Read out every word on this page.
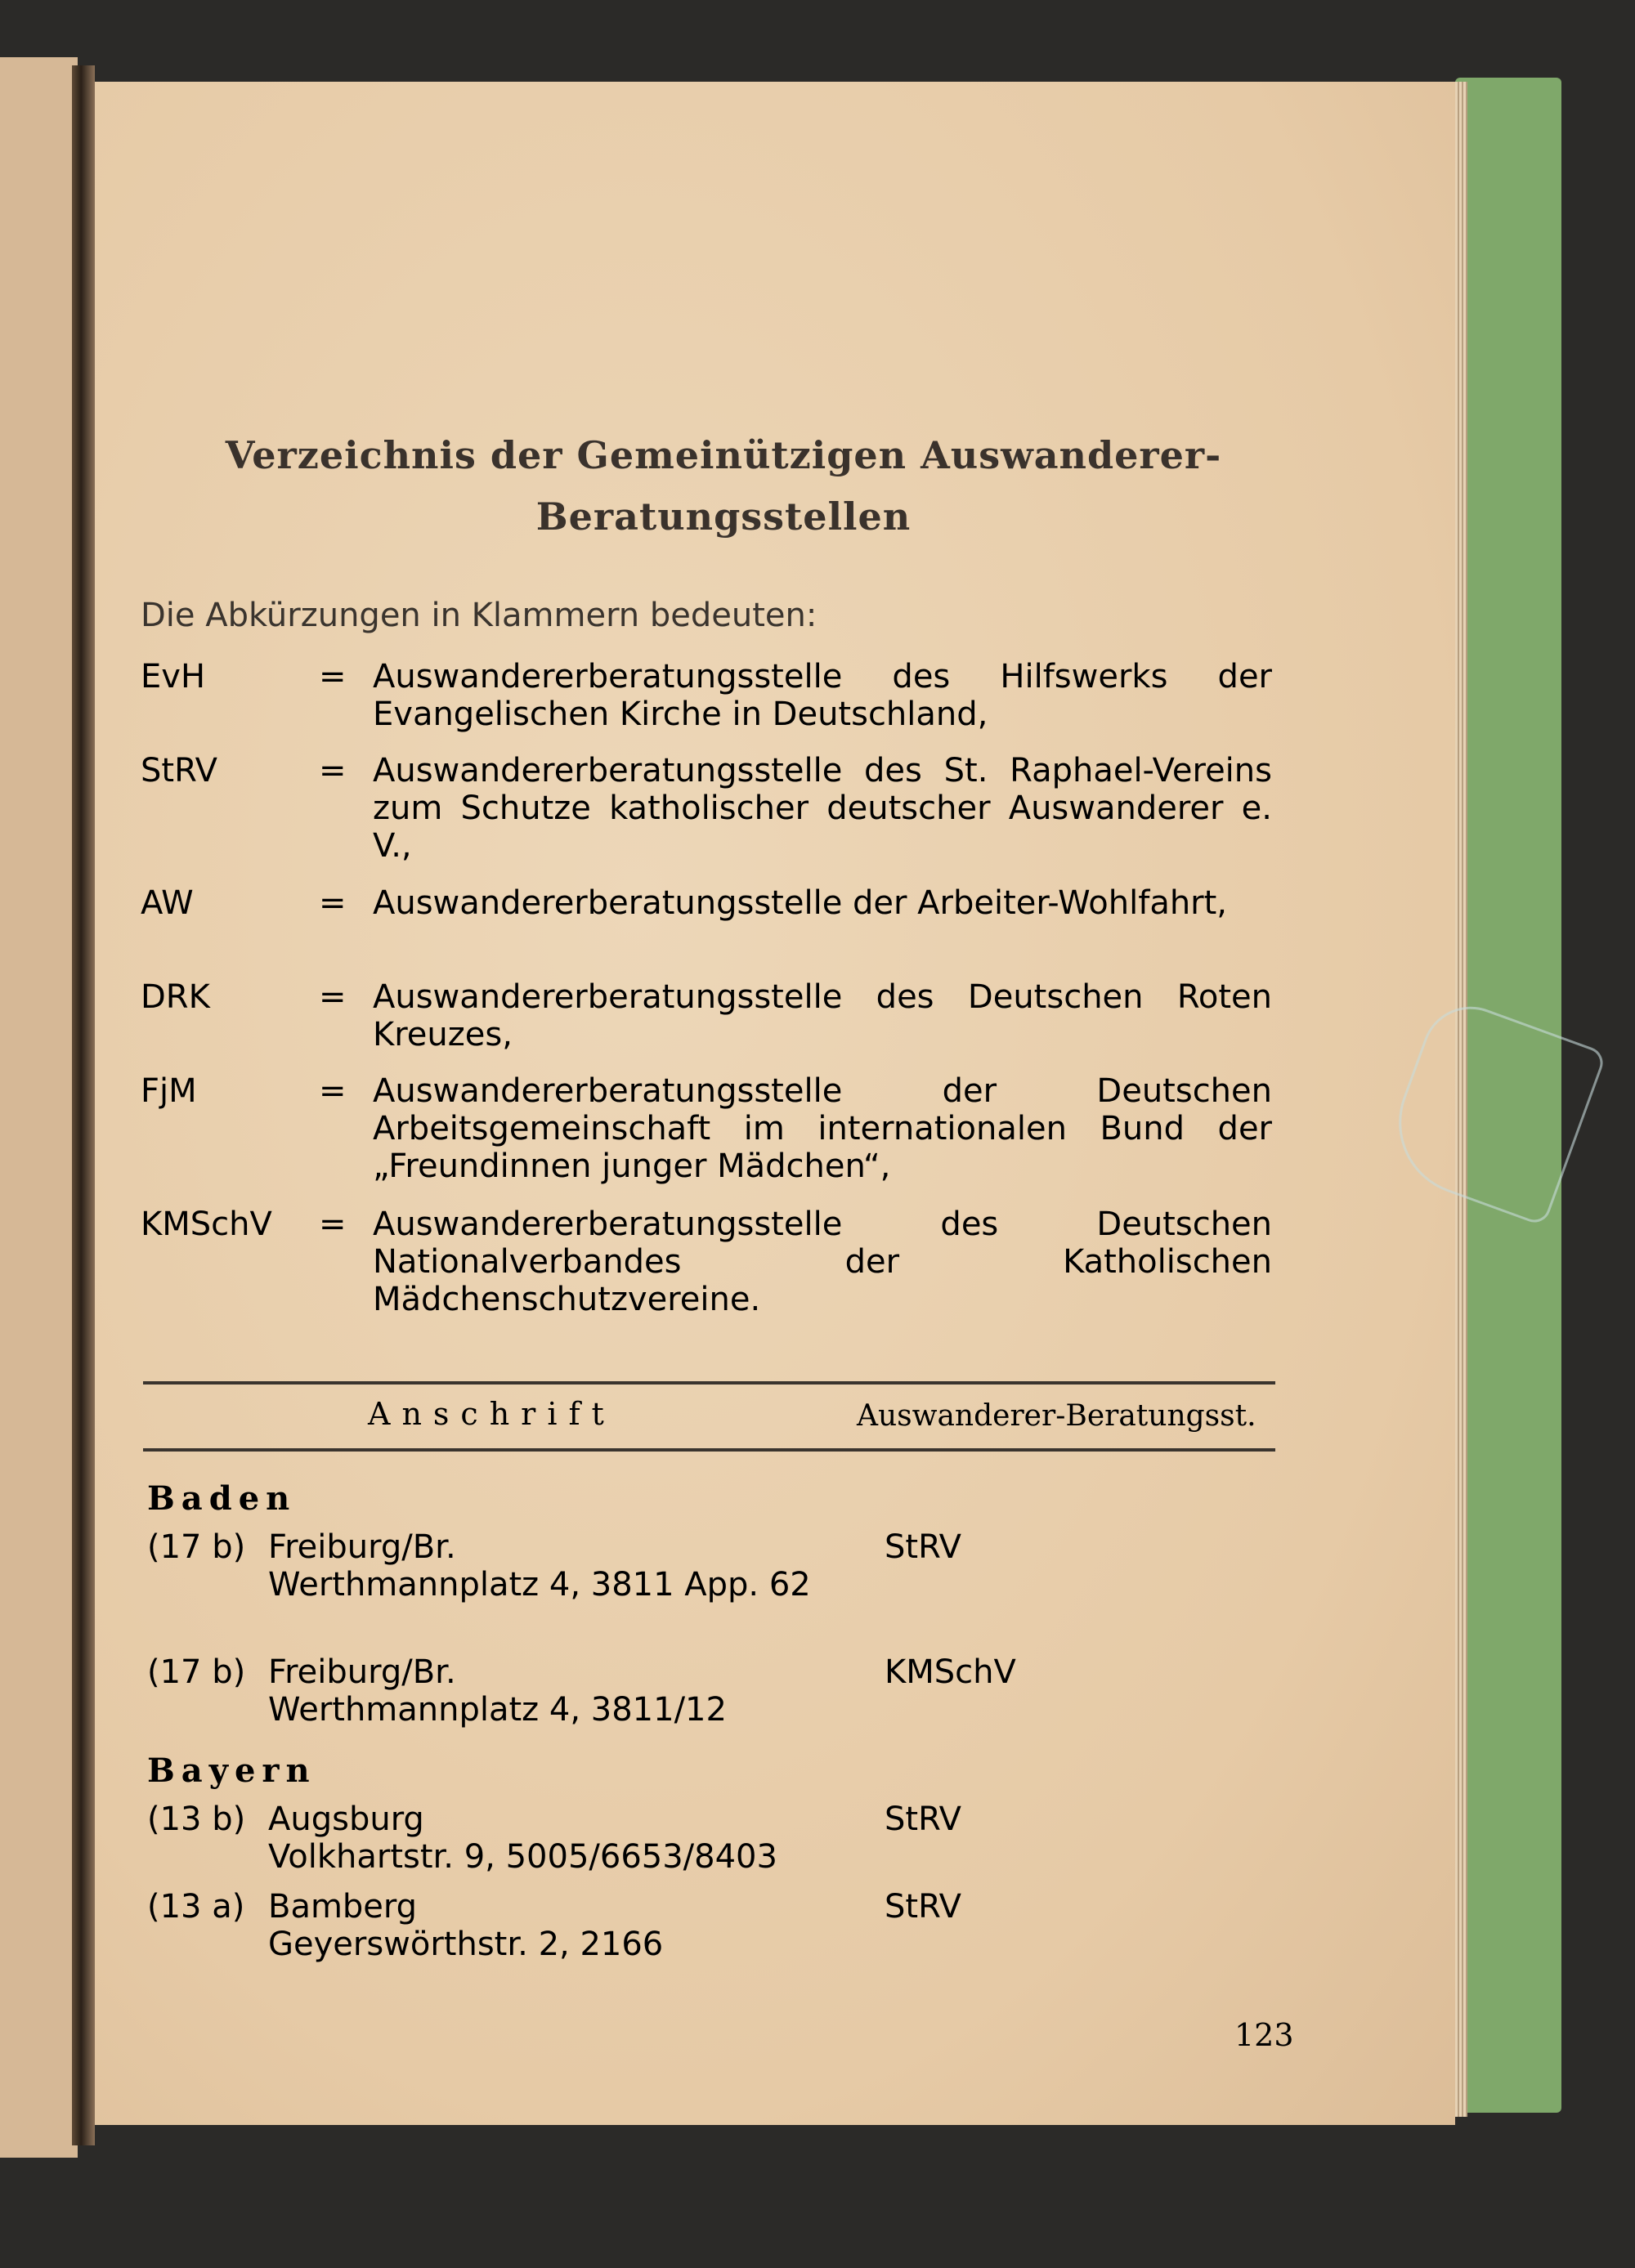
Verzeichnis der Gemeinützigen Auswanderer-
Beratungsstellen
Die Abkürzungen in Klammern bedeuten:
EvH	= Auswandererberatungsstelle des Hilfswerks der Evangelischen Kirche in Deutschland,
StRV	= Auswandererberatungsstelle des St. Raphael-Vereins zum Schutze katholischer deutscher Auswanderer e. V.,
AW	= Auswandererberatungsstelle der Arbeiter-Wohlfahrt,
DRK	= Auswandererberatungsstelle des Deutschen Roten Kreuzes,
FjM	= Auswandererberatungsstelle der Deutschen Arbeitsgemeinschaft im internationalen Bund der „Freundinnen junger Mädchen“,
KMSchV = Auswandererberatungsstelle des Deutschen Nationalverbandes der Katholischen Mädchenschutzvereine.
Anschrift	Auswanderer-Beratungsst.
Baden
(17 b) Freiburg/Br.
Werthmannplatz 4, 3811 App. 62
StRV
(17 b) Freiburg/Br.
Werthmannplatz 4, 3811/12
KMSchV
Bayern
(13 b) Augsburg
Volkhartstr. 9, 5005/6653/8403
StRV
(13 a) Bamberg
Geyerswörthstr. 2, 2166
StRV
123
